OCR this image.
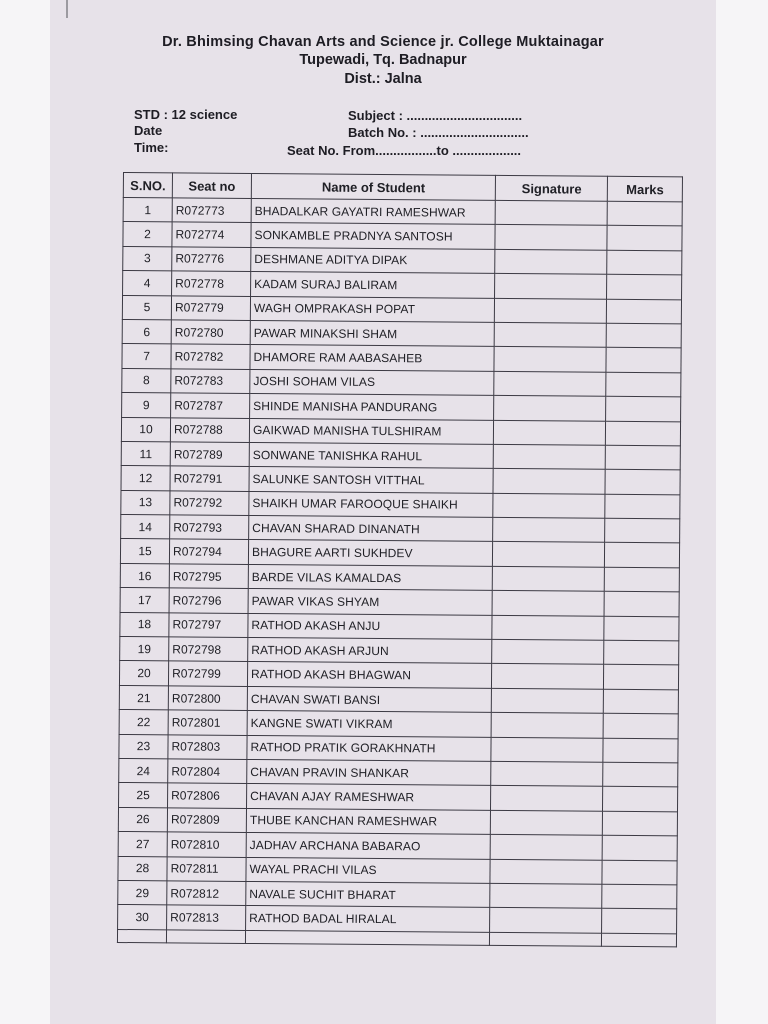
Dr. Bhimsing Chavan Arts and Science jr. College Muktainagar
Tupewadi, Tq. Badnapur
Dist.: Jalna
STD : 12 science
Date
Time:
Subject : ................................
Batch No. : ..............................
Seat No. From.................to ...................
S.NO.	Seat no	Name of Student	Signature	Marks
1	R072773	BHADALKAR GAYATRI RAMESHWAR		
2	R072774	SONKAMBLE PRADNYA SANTOSH		
3	R072776	DESHMANE ADITYA DIPAK		
4	R072778	KADAM SURAJ BALIRAM		
5	R072779	WAGH OMPRAKASH POPAT		
6	R072780	PAWAR MINAKSHI SHAM		
7	R072782	DHAMORE RAM AABASAHEB		
8	R072783	JOSHI SOHAM VILAS		
9	R072787	SHINDE MANISHA PANDURANG		
10	R072788	GAIKWAD MANISHA TULSHIRAM		
11	R072789	SONWANE TANISHKA RAHUL		
12	R072791	SALUNKE SANTOSH VITTHAL		
13	R072792	SHAIKH UMAR FAROOQUE SHAIKH		
14	R072793	CHAVAN SHARAD DINANATH		
15	R072794	BHAGURE AARTI SUKHDEV		
16	R072795	BARDE VILAS KAMALDAS		
17	R072796	PAWAR VIKAS SHYAM		
18	R072797	RATHOD AKASH ANJU		
19	R072798	RATHOD AKASH ARJUN		
20	R072799	RATHOD AKASH BHAGWAN		
21	R072800	CHAVAN SWATI BANSI		
22	R072801	KANGNE SWATI VIKRAM		
23	R072803	RATHOD PRATIK GORAKHNATH		
24	R072804	CHAVAN PRAVIN SHANKAR		
25	R072806	CHAVAN AJAY RAMESHWAR		
26	R072809	THUBE KANCHAN RAMESHWAR		
27	R072810	JADHAV ARCHANA BABARAO		
28	R072811	WAYAL PRACHI VILAS		
29	R072812	NAVALE SUCHIT BHARAT		
30	R072813	RATHOD BADAL HIRALAL		
